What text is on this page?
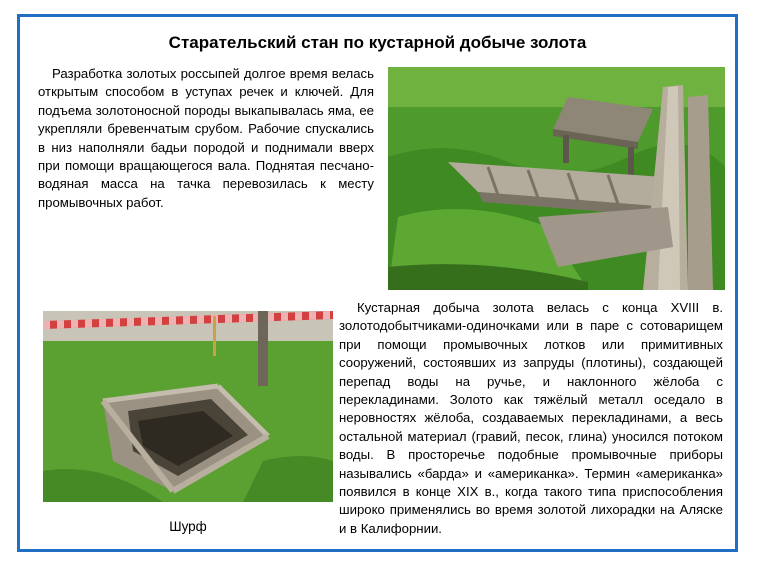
Старательский стан по кустарной добыче золота
Разработка золотых россыпей долгое время велась открытым способом в уступах речек и ключей. Для подъема золотоносной породы выкапывалась яма, ее укрепляли бревенчатым срубом. Рабочие спускались в низ наполняли бадьи породой и поднимали вверх при помощи вращающегося вала. Поднятая песчано-водяная масса на тачка перевозилась к месту промывочных работ.
Шурф
Кустарная добыча золота велась с конца XVIII в. золотодобытчиками-одиночками или в паре с сотоварищем при помощи промывочных лотков или примитивных сооружений, состоявших из запруды (плотины), создающей перепад воды на ручье, и наклонного жёлоба с перекладинами. Золото как тяжёлый металл оседало в неровностях жёлоба, создаваемых перекладинами, а весь остальной материал (гравий, песок, глина) уносился потоком воды. В просторечье подобные промывочные приборы назывались «барда» и «американка». Термин «американка» появился в конце XIX в., когда такого типа приспособления широко применялись во время золотой лихорадки на Аляске и в Калифорнии.
